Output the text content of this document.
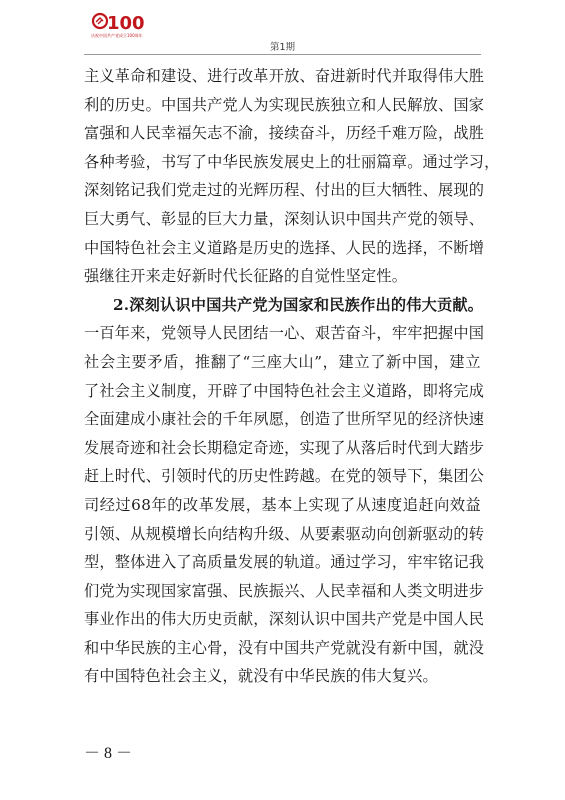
100
庆祝中国共产党成立100周年
第1期
主 义 革 命 和 建 设 、 进 行 改 革 开 放 、 奋 进 新 时 代 并 取 得 伟 大 胜
利 的 历 史 。 中 国 共 产 党 人 为 实 现 民 族 独 立 和 人 民 解 放 、 国 家
富 强 和 人 民 幸 福 矢 志 不 渝 ， 接 续 奋 斗 ， 历 经 千 难 万 险 ， 战 胜
各 种 考 验 ， 书 写 了 中 华 民 族 发 展 史 上 的 壮 丽 篇 章 。 通 过 学 习 ，
深 刻 铭 记 我 们 党 走 过 的 光 辉 历 程 、 付 出 的 巨 大 牺 牲 、 展 现 的
巨 大 勇 气 、 彰 显 的 巨 大 力 量 ， 深 刻 认 识 中 国 共 产 党 的 领 导 、
中 国 特 色 社 会 主 义 道 路 是 历 史 的 选 择 、 人 民 的 选 择 ， 不 断 增
强继往开来走好新时代长征路的自觉性坚定性。
2.深刻认识中国共产党为国家和民族作出的伟大贡献。
一 百 年 来 ， 党 领 导 人 民 团 结 一 心 、 艰 苦 奋 斗 ， 牢 牢 把 握 中 国
社 会 主 要 矛 盾 ， 推 翻 了 “ 三 座 大 山 ” ， 建 立 了 新 中 国 ， 建 立
了 社 会 主 义 制 度 ， 开 辟 了 中 国 特 色 社 会 主 义 道 路 ， 即 将 完 成
全 面 建 成 小 康 社 会 的 千 年 夙 愿 ， 创 造 了 世 所 罕 见 的 经 济 快 速
发 展 奇 迹 和 社 会 长 期 稳 定 奇 迹 ， 实 现 了 从 落 后 时 代 到 大 踏 步
赶 上 时 代 、 引 领 时 代 的 历 史 性 跨 越 。 在 党 的 领 导 下 ， 集 团 公
司 经 过 6 8 年 的 改 革 发 展 ， 基 本 上 实 现 了 从 速 度 追 赶 向 效 益
引 领 、 从 规 模 增 长 向 结 构 升 级 、 从 要 素 驱 动 向 创 新 驱 动 的 转
型 ， 整 体 进 入 了 高 质 量 发 展 的 轨 道 。 通 过 学 习 ， 牢 牢 铭 记 我
们 党 为 实 现 国 家 富 强 、 民 族 振 兴 、 人 民 幸 福 和 人 类 文 明 进 步
事 业 作 出 的 伟 大 历 史 贡 献 ， 深 刻 认 识 中 国 共 产 党 是 中 国 人 民
和 中 华 民 族 的 主 心 骨 ， 没 有 中 国 共 产 党 就 没 有 新 中 国 ， 就 没
有中国特色社会主义，就没有中华民族的伟大复兴。
－ 8 －
